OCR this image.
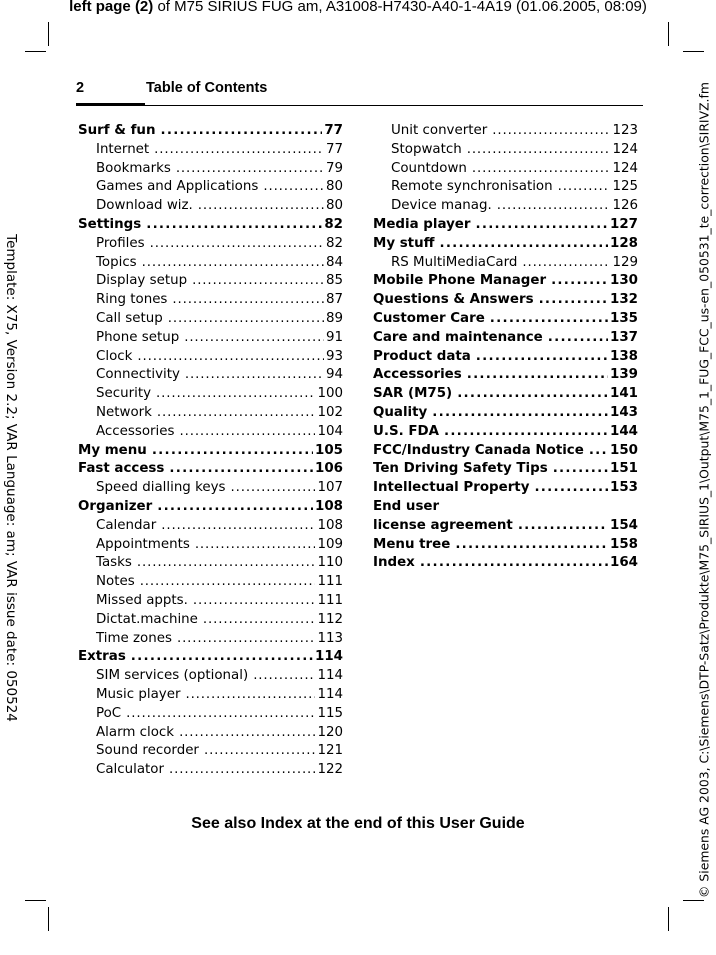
left page (2) of M75 SIRIUS FUG am, A31008-H7430-A40-1-4A19 (01.06.2005, 08:09)
Template: X75, Version 2.2; VAR Language: am; VAR issue date: 050524	© Siemens AG 2003, C:\Siemens\DTP-Satz\Produkte\M75_SIRIUS_1\Output\M75_1_FUG_FCC_us-en_050531_te_correction\SIRIVZ.fm
2	Table of Contents
Surf & fun . . .	77
Internet . . .	77
Bookmarks . . .	79
Games and Applications . . .	80
Download wiz. . . .	80
Settings . . .	82
Profiles . . .	82
Topics . . .	84
Display setup . . .	85
Ring tones . . .	87
Call setup . . .	89
Phone setup . . .	91
Clock . . .	93
Connectivity . . .	94
Security . . .	100
Network . . .	102
Accessories . . .	104
My menu . . .	105
Fast access . . .	106
Speed dialling keys . . .	107
Organizer . . .	108
Calendar . . .	108
Appointments . . .	109
Tasks . . .	110
Notes . . .	111
Missed appts. . . .	111
Dictat.machine . . .	112
Time zones . . .	113
Extras . . .	114
SIM services (optional) . . .	114
Music player . . .	114
PoC . . .	115
Alarm clock . . .	120
Sound recorder . . .	121
Calculator . . .	122
Unit converter . . .	123
Stopwatch . . .	124
Countdown . . .	124
Remote synchronisation . . .	125
Device manag. . . .	126
Media player . . .	127
My stuff . . .	128
RS MultiMediaCard . . .	129
Mobile Phone Manager . . .	130
Questions & Answers . . .	132
Customer Care . . .	135
Care and maintenance . . .	137
Product data . . .	138
Accessories . . .	139
SAR (M75) . . .	141
Quality . . .	143
U.S. FDA . . .	144
FCC/Industry Canada Notice . . . 150
Ten Driving Safety Tips . . .	151
Intellectual Property . . .	153
End user
license agreement . . .	154
Menu tree . . .	158
Index . . .	164
See also Index at the end of this User Guide
